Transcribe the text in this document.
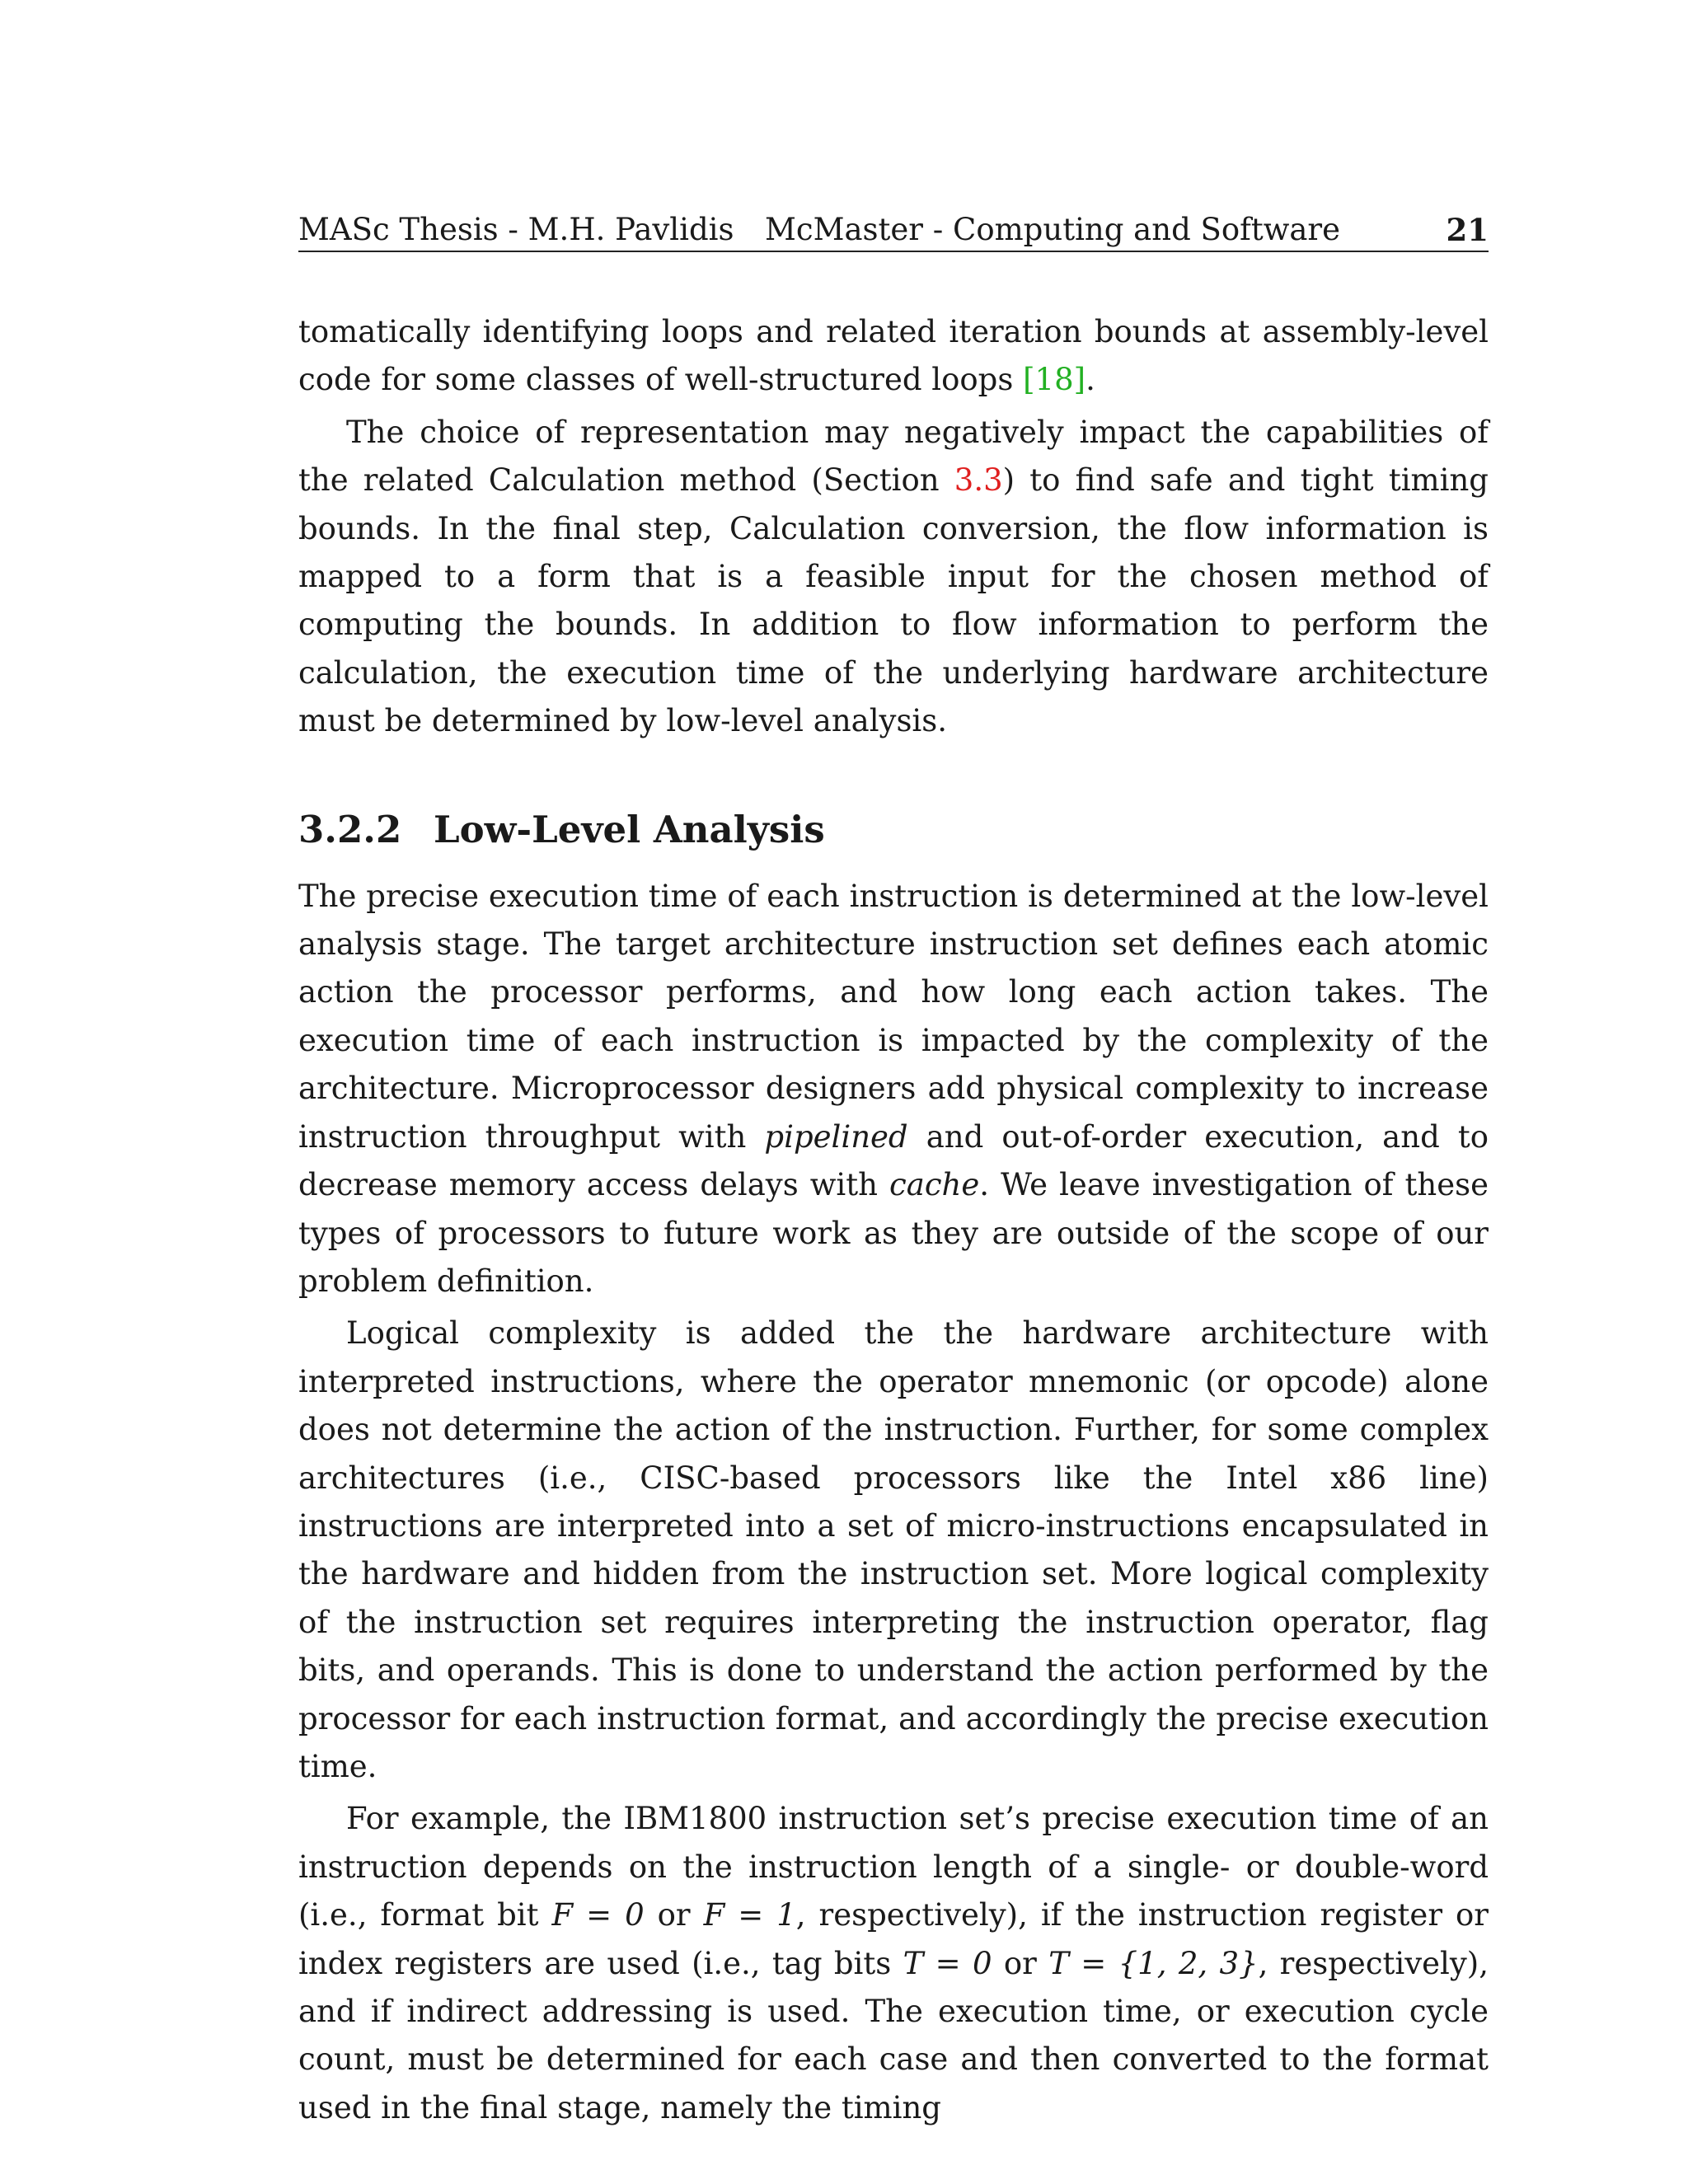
MASc Thesis - M.H. Pavlidis McMaster - Computing and Software	21

tomatically identifying loops and related iteration bounds at assembly-level code for some classes of well-structured loops [18].

The choice of representation may negatively impact the capabilities of the related Calculation method (Section 3.3) to find safe and tight timing bounds. In the final step, Calculation conversion, the flow information is mapped to a form that is a feasible input for the chosen method of computing the bounds. In addition to flow information to perform the calculation, the execution time of the underlying hardware architecture must be determined by low-level analysis.

3.2.2 Low-Level Analysis

The precise execution time of each instruction is determined at the low-level analysis stage. The target architecture instruction set defines each atomic action the processor performs, and how long each action takes. The execution time of each instruction is impacted by the complexity of the architecture. Microprocessor designers add physical complexity to increase instruction throughput with pipelined and out-of-order execution, and to decrease memory access delays with cache. We leave investigation of these types of processors to future work as they are outside of the scope of our problem definition.

Logical complexity is added the the hardware architecture with interpreted instructions, where the operator mnemonic (or opcode) alone does not determine the action of the instruction. Further, for some complex architectures (i.e., CISC-based processors like the Intel x86 line) instructions are interpreted into a set of micro-instructions encapsulated in the hardware and hidden from the instruction set. More logical complexity of the instruction set requires interpreting the instruction operator, flag bits, and operands. This is done to understand the action performed by the processor for each instruction format, and accordingly the precise execution time.

For example, the IBM1800 instruction set’s precise execution time of an instruction depends on the instruction length of a single- or double-word (i.e., format bit F = 0 or F = 1, respectively), if the instruction register or index registers are used (i.e., tag bits T = 0 or T = {1, 2, 3}, respectively), and if indirect addressing is used. The execution time, or execution cycle count, must be determined for each case and then converted to the format used in the final stage, namely the timing
